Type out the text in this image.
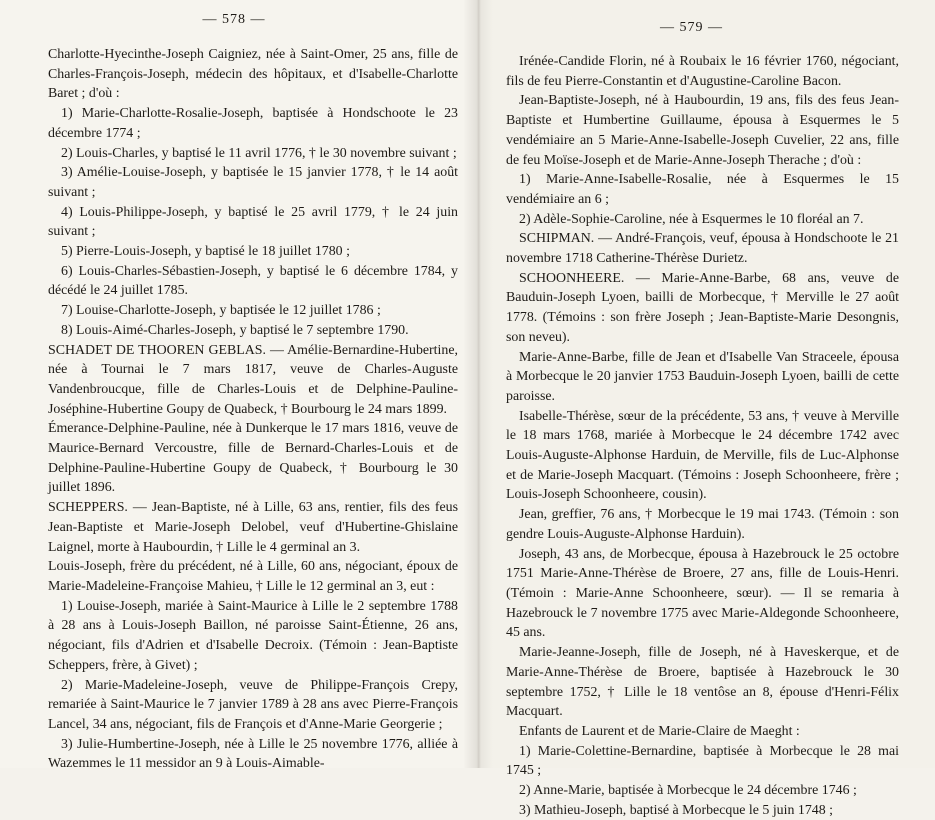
— 578 —

Charlotte-Hyecinthe-Joseph Caigniez, née à Saint-Omer, 25 ans, fille de Charles-François-Joseph, médecin des hôpitaux, et d'Isabelle-Charlotte Baret ; d'où :

1) Marie-Charlotte-Rosalie-Joseph, baptisée à Hondschoote le 23 décembre 1774 ;

2) Louis-Charles, y baptisé le 11 avril 1776, † le 30 novembre suivant ;

3) Amélie-Louise-Joseph, y baptisée le 15 janvier 1778, † le 14 août suivant ;

4) Louis-Philippe-Joseph, y baptisé le 25 avril 1779, † le 24 juin suivant ;

5) Pierre-Louis-Joseph, y baptisé le 18 juillet 1780 ;

6) Louis-Charles-Sébastien-Joseph, y baptisé le 6 décembre 1784, y décédé le 24 juillet 1785.

7) Louise-Charlotte-Joseph, y baptisée le 12 juillet 1786 ;

8) Louis-Aimé-Charles-Joseph, y baptisé le 7 septembre 1790.

SCHADET DE THOOREN GEBLAS. — Amélie-Bernardine-Hubertine, née à Tournai le 7 mars 1817, veuve de Charles-Auguste Vandenbroucque, fille de Charles-Louis et de Delphine-Pauline-Joséphine-Hubertine Goupy de Quabeck, † Bourbourg le 24 mars 1899.

Émerance-Delphine-Pauline, née à Dunkerque le 17 mars 1816, veuve de Maurice-Bernard Vercoustre, fille de Bernard-Charles-Louis et de Delphine-Pauline-Hubertine Goupy de Quabeck, † Bourbourg le 30 juillet 1896.

SCHEPPERS. — Jean-Baptiste, né à Lille, 63 ans, rentier, fils des feus Jean-Baptiste et Marie-Joseph Delobel, veuf d'Hubertine-Ghislaine Laignel, morte à Haubourdin, † Lille le 4 germinal an 3.

Louis-Joseph, frère du précédent, né à Lille, 60 ans, négociant, époux de Marie-Madeleine-Françoise Mahieu, † Lille le 12 germinal an 3, eut :

1) Louise-Joseph, mariée à Saint-Maurice à Lille le 2 septembre 1788 à 28 ans à Louis-Joseph Baillon, né paroisse Saint-Étienne, 26 ans, négociant, fils d'Adrien et d'Isabelle Decroix. (Témoin : Jean-Baptiste Scheppers, frère, à Givet) ;

2) Marie-Madeleine-Joseph, veuve de Philippe-François Crepy, remariée à Saint-Maurice le 7 janvier 1789 à 28 ans avec Pierre-François Lancel, 34 ans, négociant, fils de François et d'Anne-Marie Georgerie ;

3) Julie-Humbertine-Joseph, née à Lille le 25 novembre 1776, alliée à Wazemmes le 11 messidor an 9 à Louis-Aimable-

— 579 —

Irénée-Candide Florin, né à Roubaix le 16 février 1760, négociant, fils de feu Pierre-Constantin et d'Augustine-Caroline Bacon.

Jean-Baptiste-Joseph, né à Haubourdin, 19 ans, fils des feus Jean-Baptiste et Humbertine Guillaume, épousa à Esquermes le 5 vendémiaire an 5 Marie-Anne-Isabelle-Joseph Cuvelier, 22 ans, fille de feu Moïse-Joseph et de Marie-Anne-Joseph Therache ; d'où :

1) Marie-Anne-Isabelle-Rosalie, née à Esquermes le 15 vendémiaire an 6 ;

2) Adèle-Sophie-Caroline, née à Esquermes le 10 floréal an 7.

SCHIPMAN. — André-François, veuf, épousa à Hondschoote le 21 novembre 1718 Catherine-Thérèse Durietz.

SCHOONHEERE. — Marie-Anne-Barbe, 68 ans, veuve de Bauduin-Joseph Lyoen, bailli de Morbecque, † Merville le 27 août 1778. (Témoins : son frère Joseph ; Jean-Baptiste-Marie Desongnis, son neveu).

Marie-Anne-Barbe, fille de Jean et d'Isabelle Van Straceele, épousa à Morbecque le 20 janvier 1753 Bauduin-Joseph Lyoen, bailli de cette paroisse.

Isabelle-Thérèse, sœur de la précédente, 53 ans, † veuve à Merville le 18 mars 1768, mariée à Morbecque le 24 décembre 1742 avec Louis-Auguste-Alphonse Harduin, de Merville, fils de Luc-Alphonse et de Marie-Joseph Macquart. (Témoins : Joseph Schoonheere, frère ; Louis-Joseph Schoonheere, cousin).

Jean, greffier, 76 ans, † Morbecque le 19 mai 1743. (Témoin : son gendre Louis-Auguste-Alphonse Harduin).

Joseph, 43 ans, de Morbecque, épousa à Hazebrouck le 25 octobre 1751 Marie-Anne-Thérèse de Broere, 27 ans, fille de Louis-Henri. (Témoin : Marie-Anne Schoonheere, sœur). — Il se remaria à Hazebrouck le 7 novembre 1775 avec Marie-Aldegonde Schoonheere, 45 ans.

Marie-Jeanne-Joseph, fille de Joseph, né à Haveskerque, et de Marie-Anne-Thérèse de Broere, baptisée à Hazebrouck le 30 septembre 1752, † Lille le 18 ventôse an 8, épouse d'Henri-Félix Macquart.

Enfants de Laurent et de Marie-Claire de Maeght :

1) Marie-Colettine-Bernardine, baptisée à Morbecque le 28 mai 1745 ;

2) Anne-Marie, baptisée à Morbecque le 24 décembre 1746 ;

3) Mathieu-Joseph, baptisé à Morbecque le 5 juin 1748 ;
